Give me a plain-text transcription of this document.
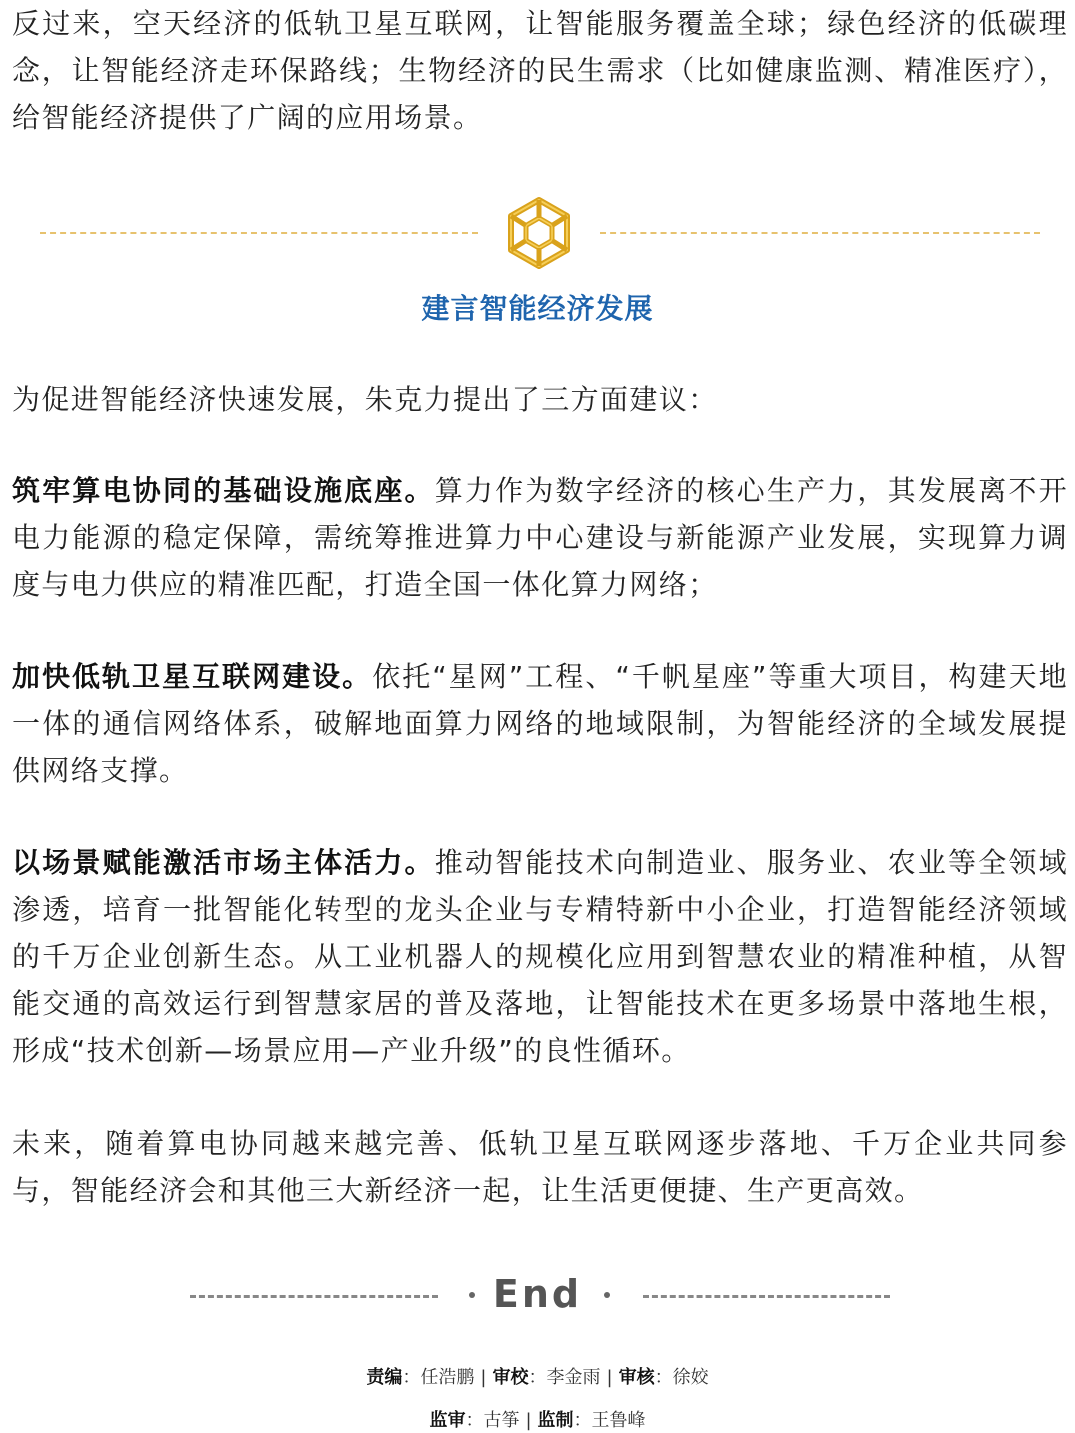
反过来，空天经济的低轨卫星互联网，让智能服务覆盖全球；绿色经济的低碳理念，让智能经济走环保路线；生物经济的民生需求（比如健康监测、精准医疗），给智能经济提供了广阔的应用场景。

建言智能经济发展

为促进智能经济快速发展，朱克力提出了三方面建议：

筑牢算电协同的基础设施底座。算力作为数字经济的核心生产力，其发展离不开电力能源的稳定保障，需统筹推进算力中心建设与新能源产业发展，实现算力调度与电力供应的精准匹配，打造全国一体化算力网络；

加快低轨卫星互联网建设。依托“星网”工程、“千帆星座”等重大项目，构建天地一体的通信网络体系，破解地面算力网络的地域限制，为智能经济的全域发展提供网络支撑。

以场景赋能激活市场主体活力。推动智能技术向制造业、服务业、农业等全领域渗透，培育一批智能化转型的龙头企业与专精特新中小企业，打造智能经济领域的千万企业创新生态。从工业机器人的规模化应用到智慧农业的精准种植，从智能交通的高效运行到智慧家居的普及落地，让智能技术在更多场景中落地生根，形成“技术创新—场景应用—产业升级”的良性循环。

未来，随着算电协同越来越完善、低轨卫星互联网逐步落地、千万企业共同参与，智能经济会和其他三大新经济一起，让生活更便捷、生产更高效。

End
责编：任浩鹏 | 审校：李金雨 | 审核：徐姣
监审：古筝 | 监制：王鲁峰
